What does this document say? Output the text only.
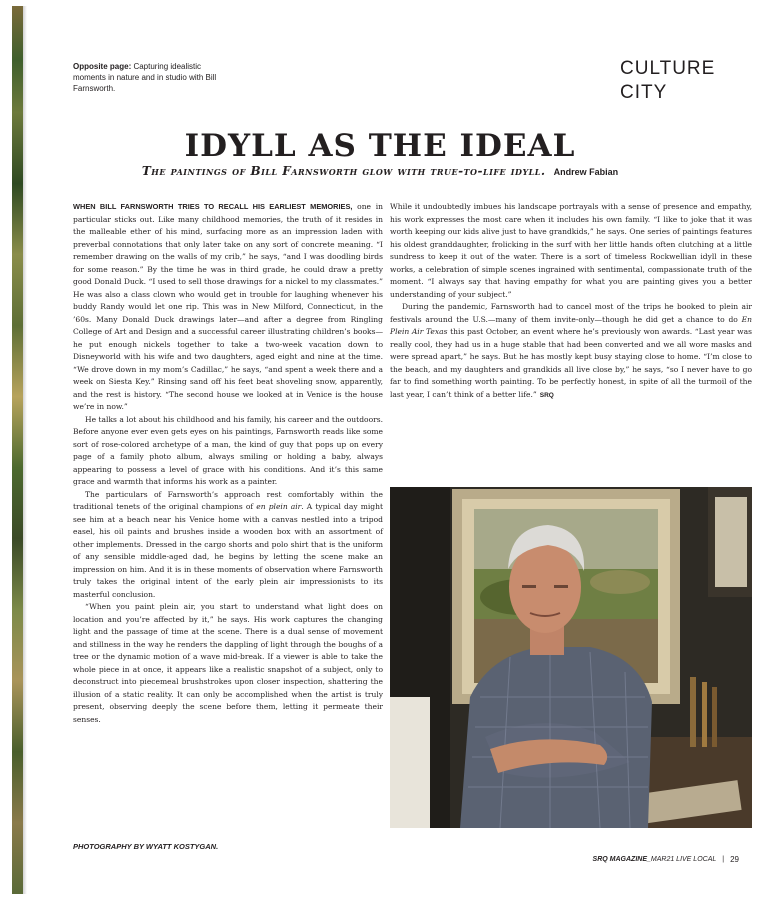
Opposite page: Capturing idealistic moments in nature and in studio with Bill Farnsworth.
CULTURE
CITY
IDYLL AS THE IDEAL
The paintings of Bill Farnsworth glow with true-to-life idyll. Andrew Fabian

WHEN BILL FARNSWORTH TRIES TO RECALL HIS EARLIEST MEMORIES, one in particular sticks out. Like many childhood memories, the truth of it resides in the malleable ether of his mind, surfacing more as an impression laden with preverbal connotations that only later take on any sort of concrete meaning. “I remember drawing on the walls of my crib,” he says, “and I was doodling birds for some reason.” By the time he was in third grade, he could draw a pretty good Donald Duck. “I used to sell those drawings for a nickel to my classmates.” He was also a class clown who would get in trouble for laughing whenever his buddy Randy would let one rip. This was in New Milford, Connecticut, in the ’60s. Many Donald Duck drawings later—and after a degree from Ringling College of Art and Design and a successful career illustrating children’s books—he put enough nickels together to take a two-week vacation down to Disneyworld with his wife and two daughters, aged eight and nine at the time. “We drove down in my mom’s Cadillac,” he says, “and spent a week there and a week on Siesta Key.” Rinsing sand off his feet beat shoveling snow, apparently, and the rest is history. “The second house we looked at in Venice is the house we’re in now.”

He talks a lot about his childhood and his family, his career and the outdoors. Before anyone ever even gets eyes on his paintings, Farnsworth reads like some sort of rose-colored archetype of a man, the kind of guy that pops up on every page of a family photo album, always smiling or holding a baby, always appearing to possess a level of grace with his conditions. And it’s this same grace and warmth that informs his work as a painter.

The particulars of Farnsworth’s approach rest comfortably within the traditional tenets of the original champions of en plein air. A typical day might see him at a beach near his Venice home with a canvas nestled into a tripod easel, his oil paints and brushes inside a wooden box with an assortment of other implements. Dressed in the cargo shorts and polo shirt that is the uniform of any sensible middle-aged dad, he begins by letting the scene make an impression on him. And it is in these moments of observation where Farnsworth truly takes the original intent of the early plein air impressionists to its masterful conclusion.

“When you paint plein air, you start to understand what light does on location and you’re affected by it,” he says. His work captures the changing light and the passage of time at the scene. There is a dual sense of movement and stillness in the way he renders the dappling of light through the boughs of a tree or the dynamic motion of a wave mid-break. If a viewer is able to take the whole piece in at once, it appears like a realistic snapshot of a subject, only to deconstruct into piecemeal brushstrokes upon closer inspection, shattering the illusion of a static reality. It can only be accomplished when the artist is truly present, observing deeply the scene before them, letting it permeate their senses.

While it undoubtedly imbues his landscape portrayals with a sense of presence and empathy, his work expresses the most care when it includes his own family. “I like to joke that it was worth keeping our kids alive just to have grandkids,” he says. One series of paintings features his oldest granddaughter, frolicking in the surf with her little hands often clutching at a little sundress to keep it out of the water. There is a sort of timeless Rockwellian idyll in these works, a celebration of simple scenes ingrained with sentimental, compassionate truth of the moment. “I always say that having empathy for what you are painting gives you a better understanding of your subject.”

During the pandemic, Farnsworth had to cancel most of the trips he booked to plein air festivals around the U.S.—many of them invite-only—though he did get a chance to do En Plein Air Texas this past October, an event where he’s previously won awards. “Last year was really cool, they had us in a huge stable that had been converted and we all wore masks and were spread apart,” he says. But he has mostly kept busy staying close to home. “I’m close to the beach, and my daughters and grandkids all live close by,” he says, “so I never have to go far to find something worth painting. To be perfectly honest, in spite of all the turmoil of the last year, I can’t think of a better life.” SRQ

PHOTOGRAPHY BY WYATT KOSTYGAN.
SRQ MAGAZINE_MAR21 LIVE LOCAL | 29
